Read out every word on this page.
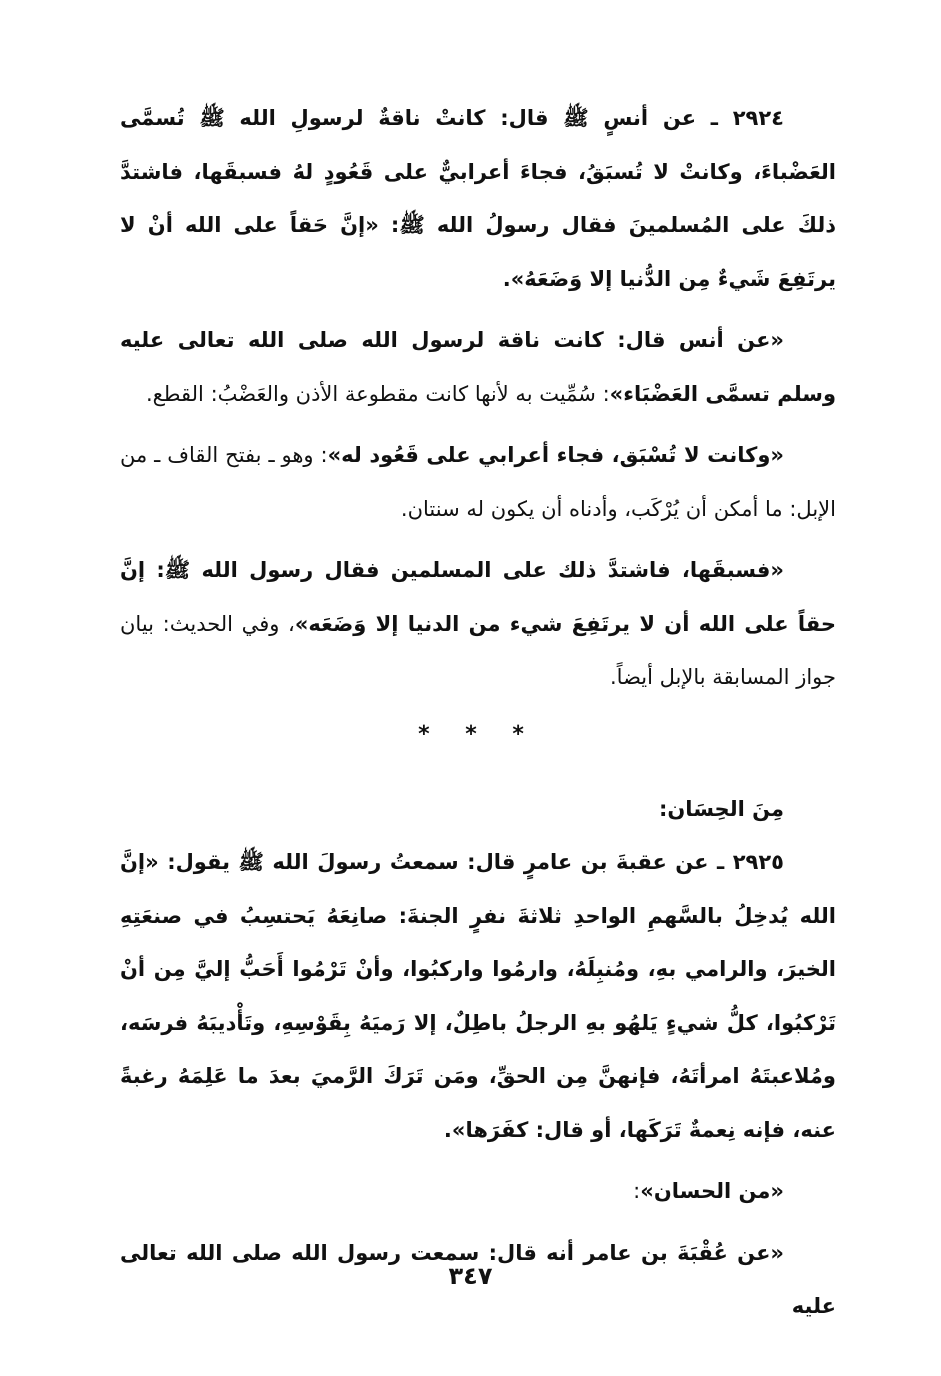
٢٩٢٤ ـ عن أنسٍ ﷺ قال: كانتْ ناقةٌ لرسولِ الله ﷺ تُسمَّى العَضْباءَ، وكانتْ لا تُسبَقُ، فجاءَ أعرابيٌّ على قَعُودٍ لهُ فسبقَها، فاشتدَّ ذلكَ على المُسلمينَ فقال رسولُ الله ﷺ: «إنَّ حَقاً على الله أنْ لا يرتَفِعَ شَيءٌ مِن الدُّنيا إلا وَضَعَهُ».

«عن أنس قال: كانت ناقة لرسول الله صلى الله تعالى عليه وسلم تسمَّى العَضْبَاء»: سُمِّيت به لأنها كانت مقطوعة الأذن والعَضْبُ: القطع.

«وكانت لا تُسْبَق، فجاء أعرابي على قَعُود له»: وهو ـ بفتح القاف ـ من الإبل: ما أمكن أن يُرْكَب، وأدناه أن يكون له سنتان.

«فسبقَها، فاشتدَّ ذلك على المسلمين فقال رسول الله ﷺ: إنَّ حقاً على الله أن لا يرتَفِعَ شيء من الدنيا إلا وَضَعَه»، وفي الحديث: بيان جواز المسابقة بالإبل أيضاً.

* * *

مِنَ الحِسَان:

٢٩٢٥ ـ عن عقبةَ بن عامرٍ قال: سمعتُ رسولَ الله ﷺ يقول: «إنَّ الله يُدخِلُ بالسَّهمِ الواحدِ ثلاثةَ نفرٍ الجنةَ: صانِعَهُ يَحتسِبُ في صنعَتِهِ الخيرَ، والرامي بهِ، ومُنبِلَهُ، وارمُوا واركبُوا، وأنْ تَرْمُوا أَحَبُّ إليَّ مِن أنْ تَرْكبُوا، كلُّ شيءٍ يَلهُو بهِ الرجلُ باطِلٌ، إلا رَميَهُ بِقَوْسِهِ، وتَأْديبَهُ فرسَه، ومُلاعبتَهُ امرأتَهُ، فإنهنَّ مِن الحقِّ، ومَن تَرَكَ الرَّميَ بعدَ ما عَلِمَهُ رغبةً عنه، فإنه نِعمةٌ تَرَكَها، أو قال: كفَرَها».

«من الحسان»:

«عن عُقْبَةَ بن عامر أنه قال: سمعت رسول الله صلى الله تعالى عليه

٣٤٧
